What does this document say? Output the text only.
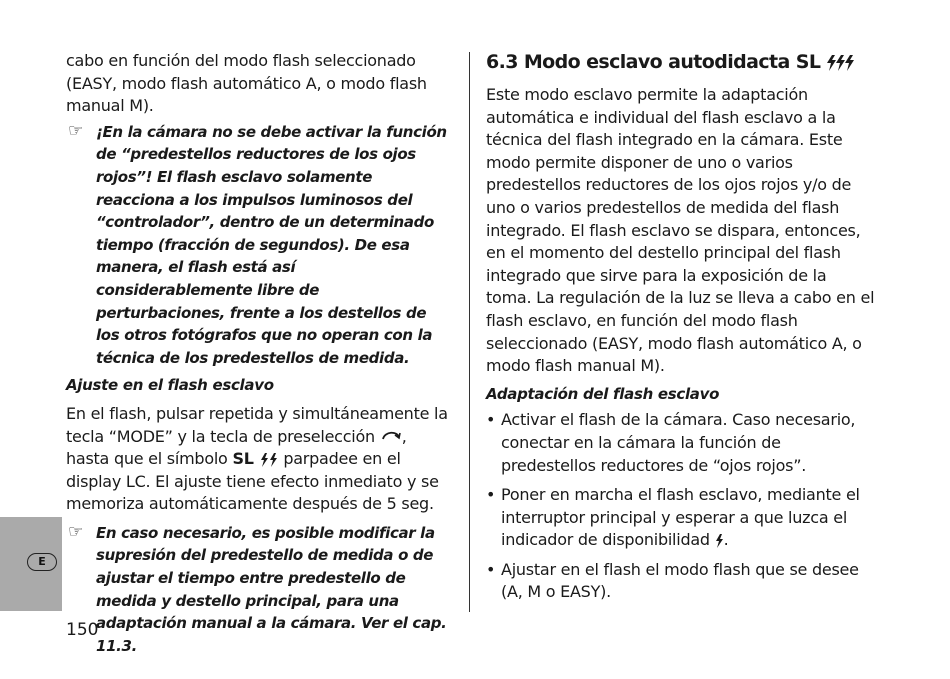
cabo en función del modo flash seleccionado (EASY, modo flash automático A, o modo flash manual M).

☞ ¡En la cámara no se debe activar la función de “predestellos reductores de los ojos rojos”! El flash esclavo solamente reacciona a los impulsos luminosos del “controlador”, dentro de un determinado tiempo (fracción de segundos). De esa manera, el flash está así considerablemente libre de perturbaciones, frente a los destellos de los otros fotógrafos que no operan con la técnica de los predestellos de medida.

Ajuste en el flash esclavo

En el flash, pulsar repetida y simultáneamente la tecla “MODE” y la tecla de preselección , hasta que el símbolo SL parpadee en el display LC. El ajuste tiene efecto inmediato y se memoriza automáticamente después de 5 seg.

☞ En caso necesario, es posible modificar la supresión del predestello de medida o de ajustar el tiempo entre predestello de medida y destello principal, para una adaptación manual a la cámara. Ver el cap. 11.3.

6.3 Modo esclavo autodidacta SL

Este modo esclavo permite la adaptación automática e individual del flash esclavo a la técnica del flash integrado en la cámara. Este modo permite disponer de uno o varios predestellos reductores de los ojos rojos y/o de uno o varios predestellos de medida del flash integrado. El flash esclavo se dispara, entonces, en el momento del destello principal del flash integrado que sirve para la exposición de la toma. La regulación de la luz se lleva a cabo en el flash esclavo, en función del modo flash seleccionado (EASY, modo flash automático A, o modo flash manual M).

Adaptación del flash esclavo

• Activar el flash de la cámara. Caso necesario, conectar en la cámara la función de predestellos reductores de “ojos rojos”.

• Poner en marcha el flash esclavo, mediante el interruptor principal y esperar a que luzca el indicador de disponibilidad .

• Ajustar en el flash el modo flash que se desee (A, M o EASY).

E
150
